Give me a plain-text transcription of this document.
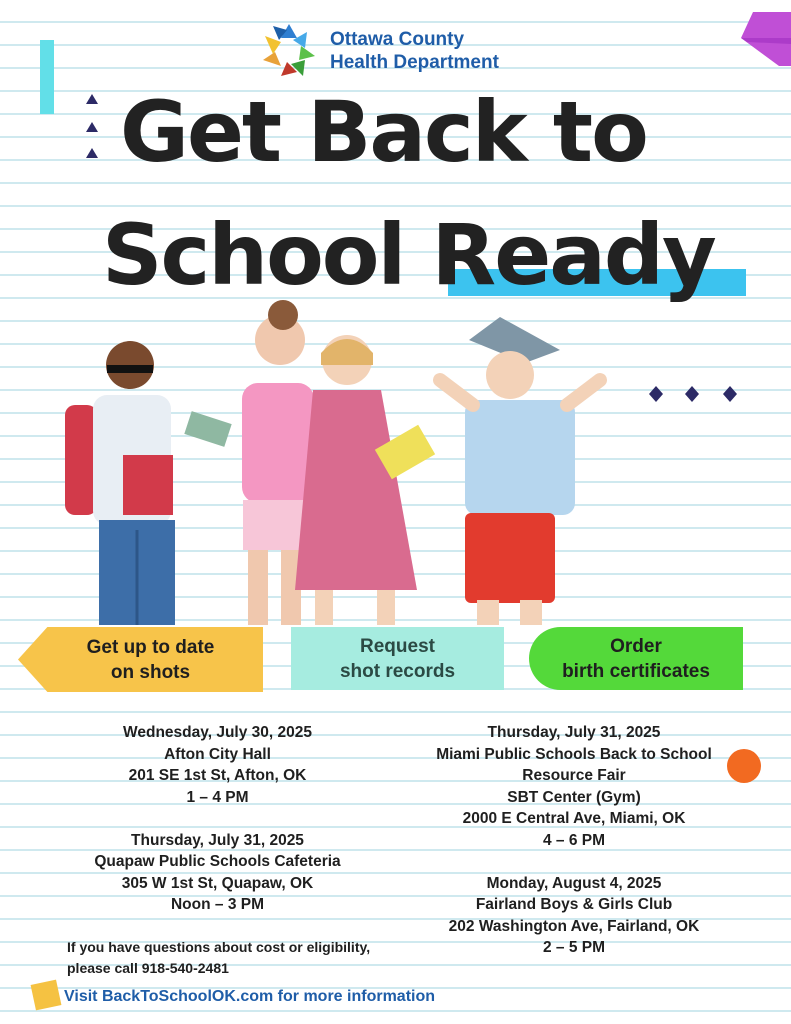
Ottawa County
Health Department
Get Back to
School Ready
Get up to date
on shots
Request
shot records
Order
birth certificates
Wednesday, July 30, 2025
Afton City Hall
201 SE 1st St, Afton, OK
1 – 4 PM
Thursday, July 31, 2025
Quapaw Public Schools Cafeteria
305 W 1st St, Quapaw, OK
Noon – 3 PM
Thursday, July 31, 2025
Miami Public Schools Back to School
Resource Fair
SBT Center (Gym)
2000 E Central Ave, Miami, OK
4 – 6 PM
Monday, August 4, 2025
Fairland Boys & Girls Club
202 Washington Ave, Fairland, OK
2 – 5 PM
If you have questions about cost or eligibility,
please call 918-540-2481
Visit BackToSchoolOK.com for more information
